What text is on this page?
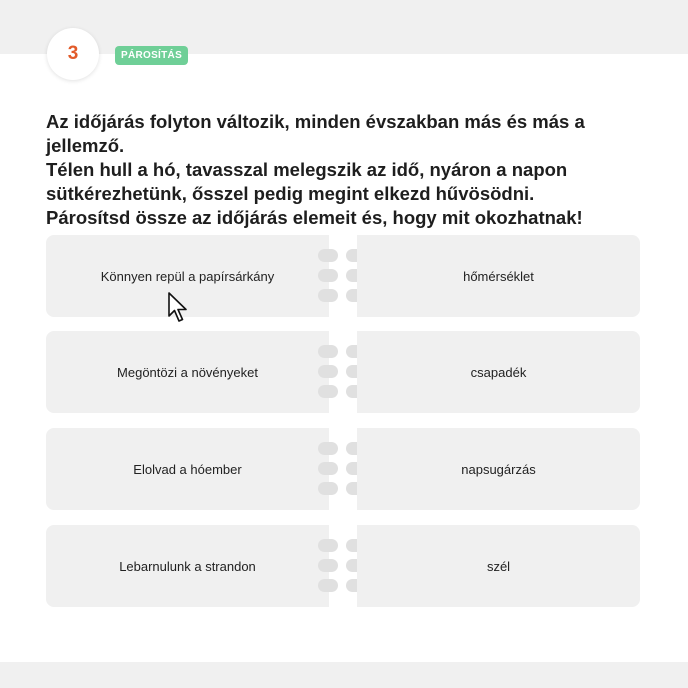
3	PÁROSÍTÁS

Az időjárás folyton változik, minden évszakban más és más a jellemző.
Télen hull a hó, tavasszal melegszik az idő, nyáron a napon
sütkérezhetünk, ősszel pedig megint elkezd hűvösödni.
Párosítsd össze az időjárás elemeit és, hogy mit okozhatnak!

Könnyen repül a papírsárkány	hőmérséklet
Megöntözi a növényeket	csapadék
Elolvad a hóember	napsugárzás
Lebarnulunk a strandon	szél
